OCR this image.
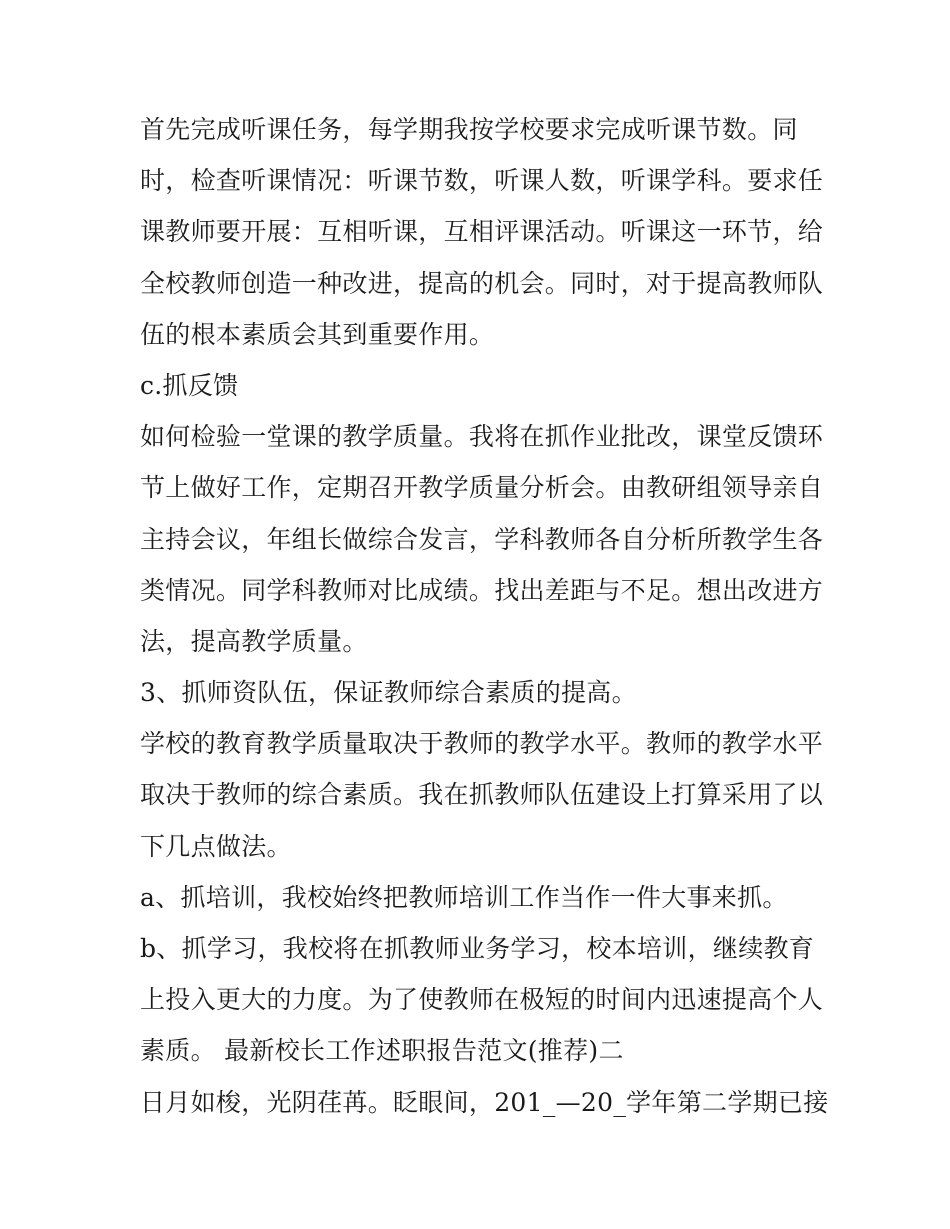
首先完成听课任务，每学期我按学校要求完成听课节数。同
时，检查听课情况：听课节数，听课人数，听课学科。要求任
课教师要开展：互相听课，互相评课活动。听课这一环节，给
全校教师创造一种改进，提高的机会。同时，对于提高教师队
伍的根本素质会其到重要作用。
c.抓反馈
如何检验一堂课的教学质量。我将在抓作业批改，课堂反馈环
节上做好工作，定期召开教学质量分析会。由教研组领导亲自
主持会议，年组长做综合发言，学科教师各自分析所教学生各
类情况。同学科教师对比成绩。找出差距与不足。想出改进方
法，提高教学质量。
3、抓师资队伍，保证教师综合素质的提高。
学校的教育教学质量取决于教师的教学水平。教师的教学水平
取决于教师的综合素质。我在抓教师队伍建设上打算采用了以
下几点做法。
a、抓培训，我校始终把教师培训工作当作一件大事来抓。
b、抓学习，我校将在抓教师业务学习，校本培训，继续教育
上投入更大的力度。为了使教师在极短的时间内迅速提高个人
素质。 最新校长工作述职报告范文(推荐)二
日月如梭，光阴荏苒。眨眼间，201_—20_学年第二学期已接
